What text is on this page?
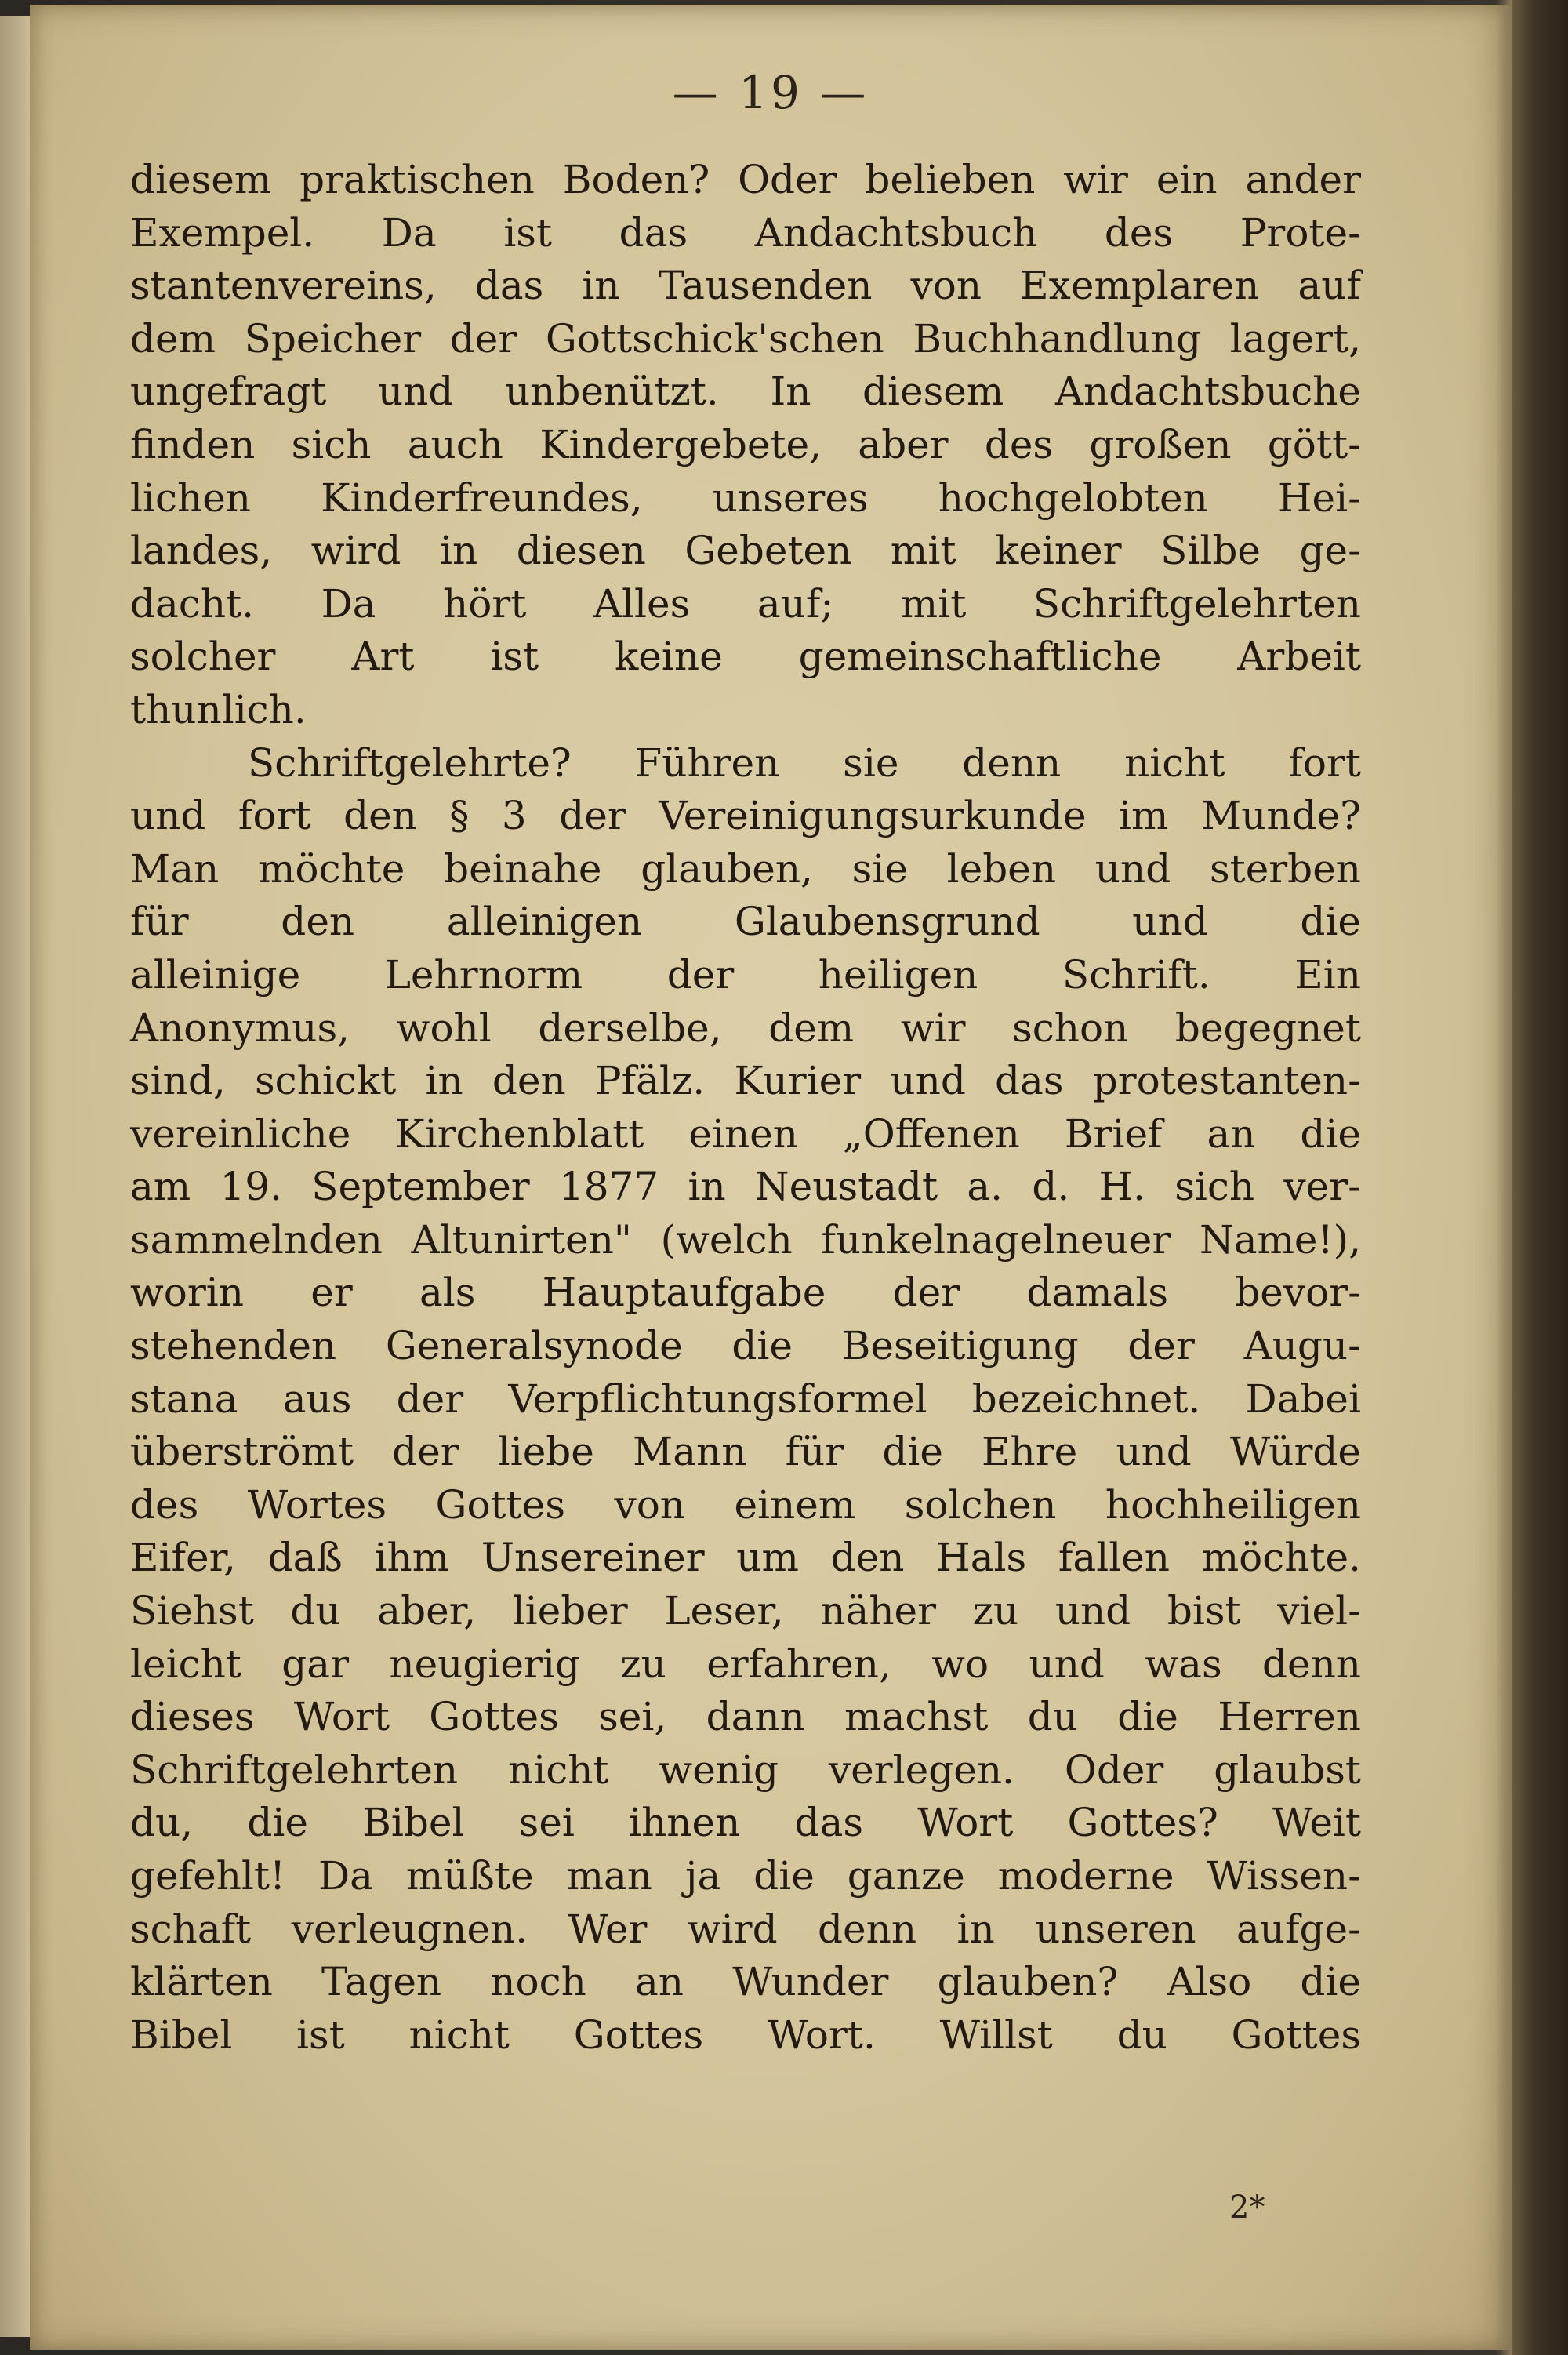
— 19 —
diesem praktischen Boden? Oder belieben wir ein ander
Exempel. Da ist das Andachtsbuch des Prote-
stantenvereins, das in Tausenden von Exemplaren auf
dem Speicher der Gottschick'schen Buchhandlung lagert,
ungefragt und unbenützt. In diesem Andachtsbuche
finden sich auch Kindergebete, aber des großen gött-
lichen Kinderfreundes, unseres hochgelobten Hei-
landes, wird in diesen Gebeten mit keiner Silbe ge-
dacht. Da hört Alles auf; mit Schriftgelehrten
solcher Art ist keine gemeinschaftliche Arbeit
thunlich.
Schriftgelehrte? Führen sie denn nicht fort
und fort den § 3 der Vereinigungsurkunde im Munde?
Man möchte beinahe glauben, sie leben und sterben
für den alleinigen Glaubensgrund und die
alleinige Lehrnorm der heiligen Schrift. Ein
Anonymus, wohl derselbe, dem wir schon begegnet
sind, schickt in den Pfälz. Kurier und das protestanten-
vereinliche Kirchenblatt einen „Offenen Brief an die
am 19. September 1877 in Neustadt a. d. H. sich ver-
sammelnden Altunirten" (welch funkelnagelneuer Name!),
worin er als Hauptaufgabe der damals bevor-
stehenden Generalsynode die Beseitigung der Augu-
stana aus der Verpflichtungsformel bezeichnet. Dabei
überströmt der liebe Mann für die Ehre und Würde
des Wortes Gottes von einem solchen hochheiligen
Eifer, daß ihm Unsereiner um den Hals fallen möchte.
Siehst du aber, lieber Leser, näher zu und bist viel-
leicht gar neugierig zu erfahren, wo und was denn
dieses Wort Gottes sei, dann machst du die Herren
Schriftgelehrten nicht wenig verlegen. Oder glaubst
du, die Bibel sei ihnen das Wort Gottes? Weit
gefehlt! Da müßte man ja die ganze moderne Wissen-
schaft verleugnen. Wer wird denn in unseren aufge-
klärten Tagen noch an Wunder glauben? Also die
Bibel ist nicht Gottes Wort. Willst du Gottes
2*
